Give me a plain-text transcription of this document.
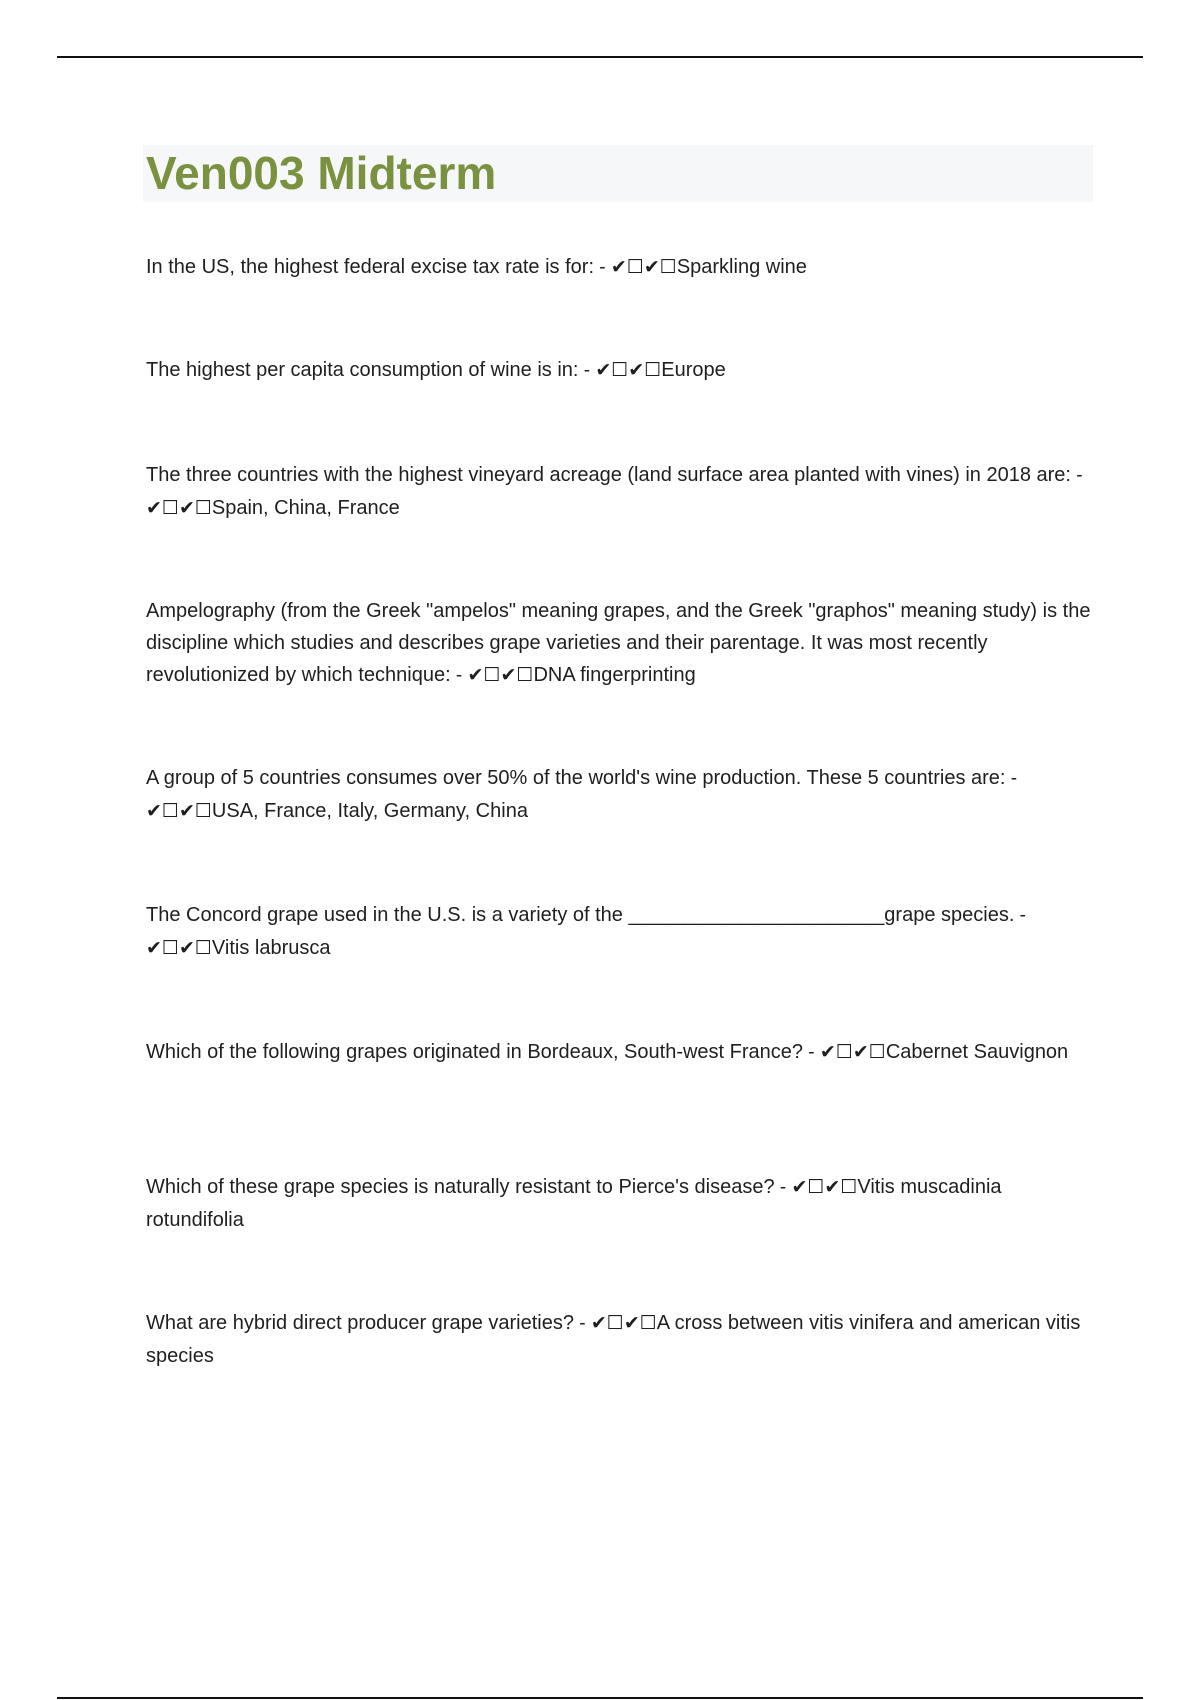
Ven003 Midterm

In the US, the highest federal excise tax rate is for: - ✔☐✔☐Sparkling wine

The highest per capita consumption of wine is in: - ✔☐✔☐Europe

The three countries with the highest vineyard acreage (land surface area planted with vines) in 2018 are: - ✔☐✔☐Spain, China, France

Ampelography (from the Greek "ampelos" meaning grapes, and the Greek "graphos" meaning study) is the discipline which studies and describes grape varieties and their parentage. It was most recently revolutionized by which technique: - ✔☐✔☐DNA fingerprinting

A group of 5 countries consumes over 50% of the world's wine production. These 5 countries are: - ✔☐✔☐USA, France, Italy, Germany, China

The Concord grape used in the U.S. is a variety of the _______________________grape species. - ✔☐✔☐Vitis labrusca

Which of the following grapes originated in Bordeaux, South-west France? - ✔☐✔☐Cabernet Sauvignon

Which of these grape species is naturally resistant to Pierce's disease? - ✔☐✔☐Vitis muscadinia rotundifolia

What are hybrid direct producer grape varieties? - ✔☐✔☐A cross between vitis vinifera and american vitis species
